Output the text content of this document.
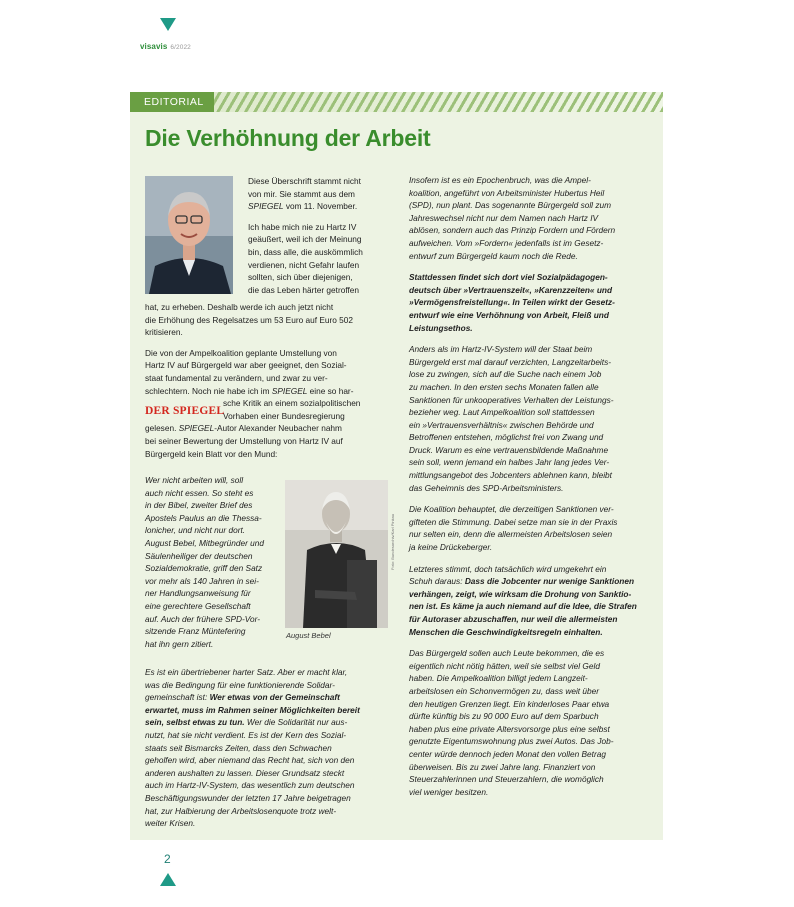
visavis 6/2022
EDITORIAL
Die Verhöhnung der Arbeit
Diese Überschrift stammt nicht
von mir. Sie stammt aus dem
SPIEGEL vom 11. November.
Ich habe mich nie zu Hartz IV
geäußert, weil ich der Meinung
bin, dass alle, die auskömmlich
verdienen, nicht Gefahr laufen
sollten, sich über diejenigen,
die das Leben härter getroffen
hat, zu erheben. Deshalb werde ich auch jetzt nicht
die Erhöhung des Regelsatzes um 53 Euro auf Euro 502
kritisieren.
Die von der Ampelkoalition geplante Umstellung von
Hartz IV auf Bürgergeld war aber geeignet, den Sozial-
staat fundamental zu verändern, und zwar zu ver-
schlechtern. Noch nie habe ich im SPIEGEL eine so har-
sche Kritik an einem sozialpolitischen
Vorhaben einer Bundesregierung
gelesen. SPIEGEL-Autor Alexander Neubacher nahm
bei seiner Bewertung der Umstellung von Hartz IV auf
Bürgergeld kein Blatt vor den Mund:
DER SPIEGEL
Wer nicht arbeiten will, soll
auch nicht essen. So steht es
in der Bibel, zweiter Brief des
Apostels Paulus an die Thessa-
lonicher, und nicht nur dort.
August Bebel, Mitbegründer und
Säulenheiliger der deutschen
Sozialdemokratie, griff den Satz
vor mehr als 140 Jahren in sei-
ner Handlungsanweisung für
eine gerechtere Gesellschaft
auf. Auch der frühere SPD-Vor-
sitzende Franz Müntefering
hat ihn gern zitiert.
Foto: Bundesarchiv/Karl Pinkau
August Bebel
Es ist ein übertriebener harter Satz. Aber er macht klar,
was die Bedingung für eine funktionierende Solidar-
gemeinschaft ist: Wer etwas von der Gemeinschaft
erwartet, muss im Rahmen seiner Möglichkeiten bereit
sein, selbst etwas zu tun. Wer die Solidarität nur aus-
nutzt, hat sie nicht verdient. Es ist der Kern des Sozial-
staats seit Bismarcks Zeiten, dass den Schwachen
geholfen wird, aber niemand das Recht hat, sich von den
anderen aushalten zu lassen. Dieser Grundsatz steckt
auch im Hartz-IV-System, das wesentlich zum deutschen
Beschäftigungswunder der letzten 17 Jahre beigetragen
hat, zur Halbierung der Arbeitslosenquote trotz welt-
weiter Krisen.
Insofern ist es ein Epochenbruch, was die Ampel-
koalition, angeführt von Arbeitsminister Hubertus Heil
(SPD), nun plant. Das sogenannte Bürgergeld soll zum
Jahreswechsel nicht nur dem Namen nach Hartz IV
ablösen, sondern auch das Prinzip Fordern und Fördern
aufweichen. Vom »Fordern« jedenfalls ist im Gesetz-
entwurf zum Bürgergeld kaum noch die Rede.
Stattdessen findet sich dort viel Sozialpädagogen-
deutsch über »Vertrauenszeit«, »Karenzzeiten« und
»Vermögensfreistellung«. In Teilen wirkt der Gesetz-
entwurf wie eine Verhöhnung von Arbeit, Fleiß und
Leistungsethos.
Anders als im Hartz-IV-System will der Staat beim
Bürgergeld erst mal darauf verzichten, Langzeitarbeits-
lose zu zwingen, sich auf die Suche nach einem Job
zu machen. In den ersten sechs Monaten fallen alle
Sanktionen für unkooperatives Verhalten der Leistungs-
bezieher weg. Laut Ampelkoalition soll stattdessen
ein »Vertrauensverhältnis« zwischen Behörde und
Betroffenen entstehen, möglichst frei von Zwang und
Druck. Warum es eine vertrauensbildende Maßnahme
sein soll, wenn jemand ein halbes Jahr lang jedes Ver-
mittlungsangebot des Jobcenters ablehnen kann, bleibt
das Geheimnis des SPD-Arbeitsministers.
Die Koalition behauptet, die derzeitigen Sanktionen ver-
gifteten die Stimmung. Dabei setze man sie in der Praxis
nur selten ein, denn die allermeisten Arbeitslosen seien
ja keine Drückeberger.
Letzteres stimmt, doch tatsächlich wird umgekehrt ein
Schuh daraus: Dass die Jobcenter nur wenige Sanktionen
verhängen, zeigt, wie wirksam die Drohung von Sanktio-
nen ist. Es käme ja auch niemand auf die Idee, die Strafen
für Autoraser abzuschaffen, nur weil die allermeisten
Menschen die Geschwindigkeitsregeln einhalten.
Das Bürgergeld sollen auch Leute bekommen, die es
eigentlich nicht nötig hätten, weil sie selbst viel Geld
haben. Die Ampelkoalition billigt jedem Langzeit-
arbeitslosen ein Schonvermögen zu, dass weit über
den heutigen Grenzen liegt. Ein kinderloses Paar etwa
dürfte künftig bis zu 90 000 Euro auf dem Sparbuch
haben plus eine private Altersvorsorge plus eine selbst
genutzte Eigentumswohnung plus zwei Autos. Das Job-
center würde dennoch jeden Monat den vollen Betrag
überweisen. Bis zu zwei Jahre lang. Finanziert von
Steuerzahlerinnen und Steuerzahlern, die womöglich
viel weniger besitzen.
2
